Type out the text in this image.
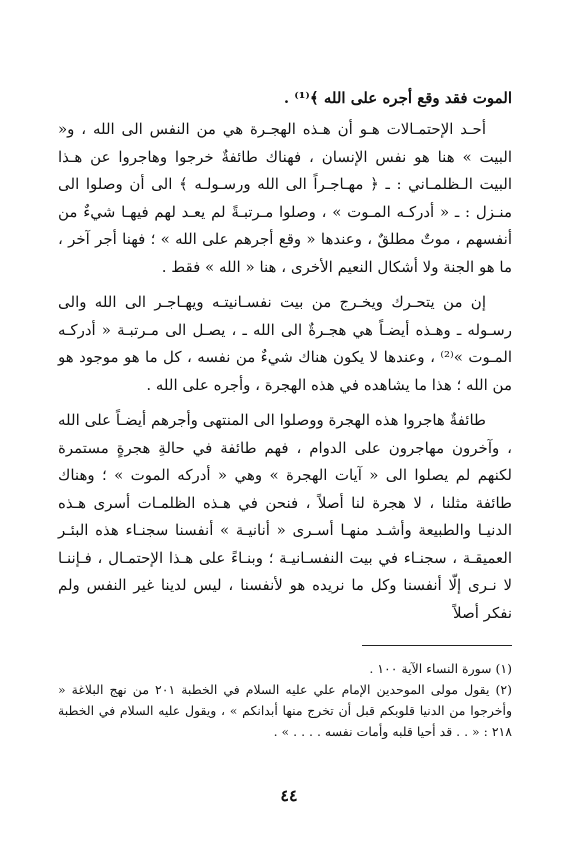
الموت فقد وقع أجره على الله ﴾⁽¹⁾ .

أحـد الإحتمـالات هـو أن هـذه الهجـرة هي من النفس الى الله ، و« البيت » هنا هو نفس الإنسان ، فهناك طائفةٌ خرجوا وهاجروا عن هـذا البيت الـظلمـاني : ـ ﴿ مهـاجـراً الى الله ورسـولـه ﴾ الى أن وصلوا الى منـزل : ـ « أدركـه المـوت » ، وصلوا مـرتبـةً لم يعـد لهم فيهـا شيءٌ من أنفسهم ، موتٌ مطلقٌ ، وعندها « وقع أجرهم على الله » ؛ فهنا أجر آخر ، ما هو الجنة ولا أشكال النعيم الأخرى ، هنا « الله » فقط .

إن من يتحـرك ويخـرج من بيت نفسـانيتـه ويهـاجـر الى الله والى رسـوله ـ وهـذه أيضـاً هي هجـرةٌ الى الله ـ ، يصـل الى مـرتبـة « أدركـه المـوت »⁽²⁾ ، وعندها لا يكون هناك شيءٌ من نفسه ، كل ما هو موجود هو من الله ؛ هذا ما يشاهده في هذه الهجرة ، وأجره على الله .

طائفةٌ هاجروا هذه الهجرة ووصلوا الى المنتهى وأجرهم أيضـاً على الله ، وآخرون مهاجرون على الدوام ، فهم طائفة في حالةِ هجرةٍ مستمرة لكنهم لم يصلوا الى « آيات الهجرة » وهي « أدركه الموت » ؛ وهناك طائفة مثلنا ، لا هجرة لنا أصلاً ، فنحن في هـذه الظلمـات أسرى هـذه الدنيـا والطبيعة وأشـد منهـا أسـرى « أنانيـة » أنفسنا سجنـاء هذه البئـر العميقـة ، سجنـاء في بيت النفسـانيـة ؛ وبنـاءً على هـذا الإحتمـال ، فـإننـا لا نـرى إلّا أنفسنا وكل ما نريده هو لأنفسنا ، ليس لدينا غير النفس ولم نفكر أصلاً

(١) سورة النساء الآية ١٠٠ .

(٢) يقول مولى الموحدين الإمام علي عليه السلام في الخطبة ٢٠١ من نهج البلاغة « وأخرجوا من الدنيا قلوبكم قبل أن تخرج منها أبدانكم » ، ويقول عليه السلام في الخطبة ٢١٨ : « . . قد أحيا قلبه وأمات نفسه . . . . » .

٤٤
